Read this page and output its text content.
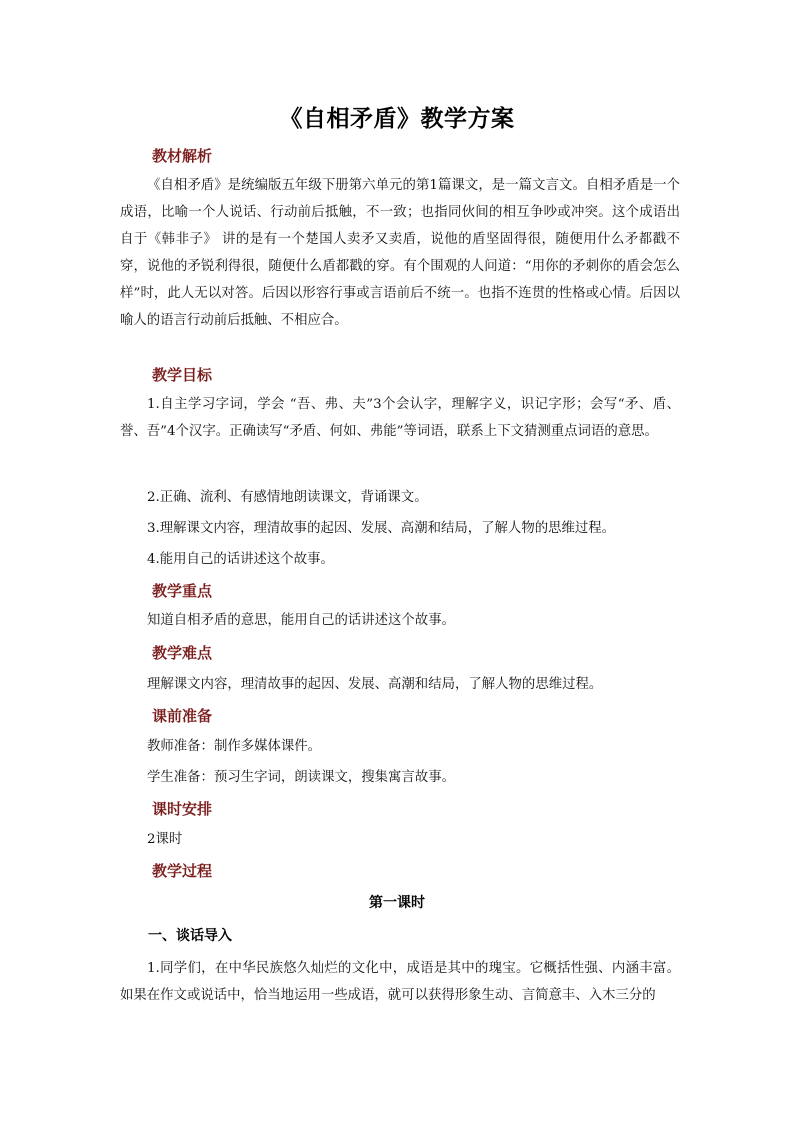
《自相矛盾》教学方案
教材解析
《自相矛盾》是统编版五年级下册第六单元的第1篇课文，是一篇文言文。自相矛盾是一个成语，比喻一个人说话、行动前后抵触，不一致；也指同伙间的相互争吵或冲突。这个成语出自于《韩非子》 讲的是有一个楚国人卖矛又卖盾，说他的盾坚固得很，随便用什么矛都戳不穿，说他的矛锐利得很，随便什么盾都戳的穿。有个围观的人问道：“用你的矛刺你的盾会怎么样”时，此人无以对答。后因以形容行事或言语前后不统一。也指不连贯的性格或心情。后因以喻人的语言行动前后抵触、不相应合。
教学目标
1.自主学习字词，学会 “吾、弗、夫”3个会认字，理解字义，识记字形；会写“矛、盾、誉、吾”4个汉字。正确读写“矛盾、何如、弗能”等词语，联系上下文猜测重点词语的意思。
2.正确、流利、有感情地朗读课文，背诵课文。
3.理解课文内容，理清故事的起因、发展、高潮和结局，了解人物的思维过程。
4.能用自己的话讲述这个故事。
教学重点
知道自相矛盾的意思，能用自己的话讲述这个故事。
教学难点
理解课文内容，理清故事的起因、发展、高潮和结局，了解人物的思维过程。
课前准备
教师准备：制作多媒体课件。
学生准备：预习生字词，朗读课文，搜集寓言故事。
课时安排
2课时
教学过程
第一课时
一、谈话导入
1.同学们，在中华民族悠久灿烂的文化中，成语是其中的瑰宝。它概括性强、内涵丰富。如果在作文或说话中，恰当地运用一些成语，就可以获得形象生动、言简意丰、入木三分的
